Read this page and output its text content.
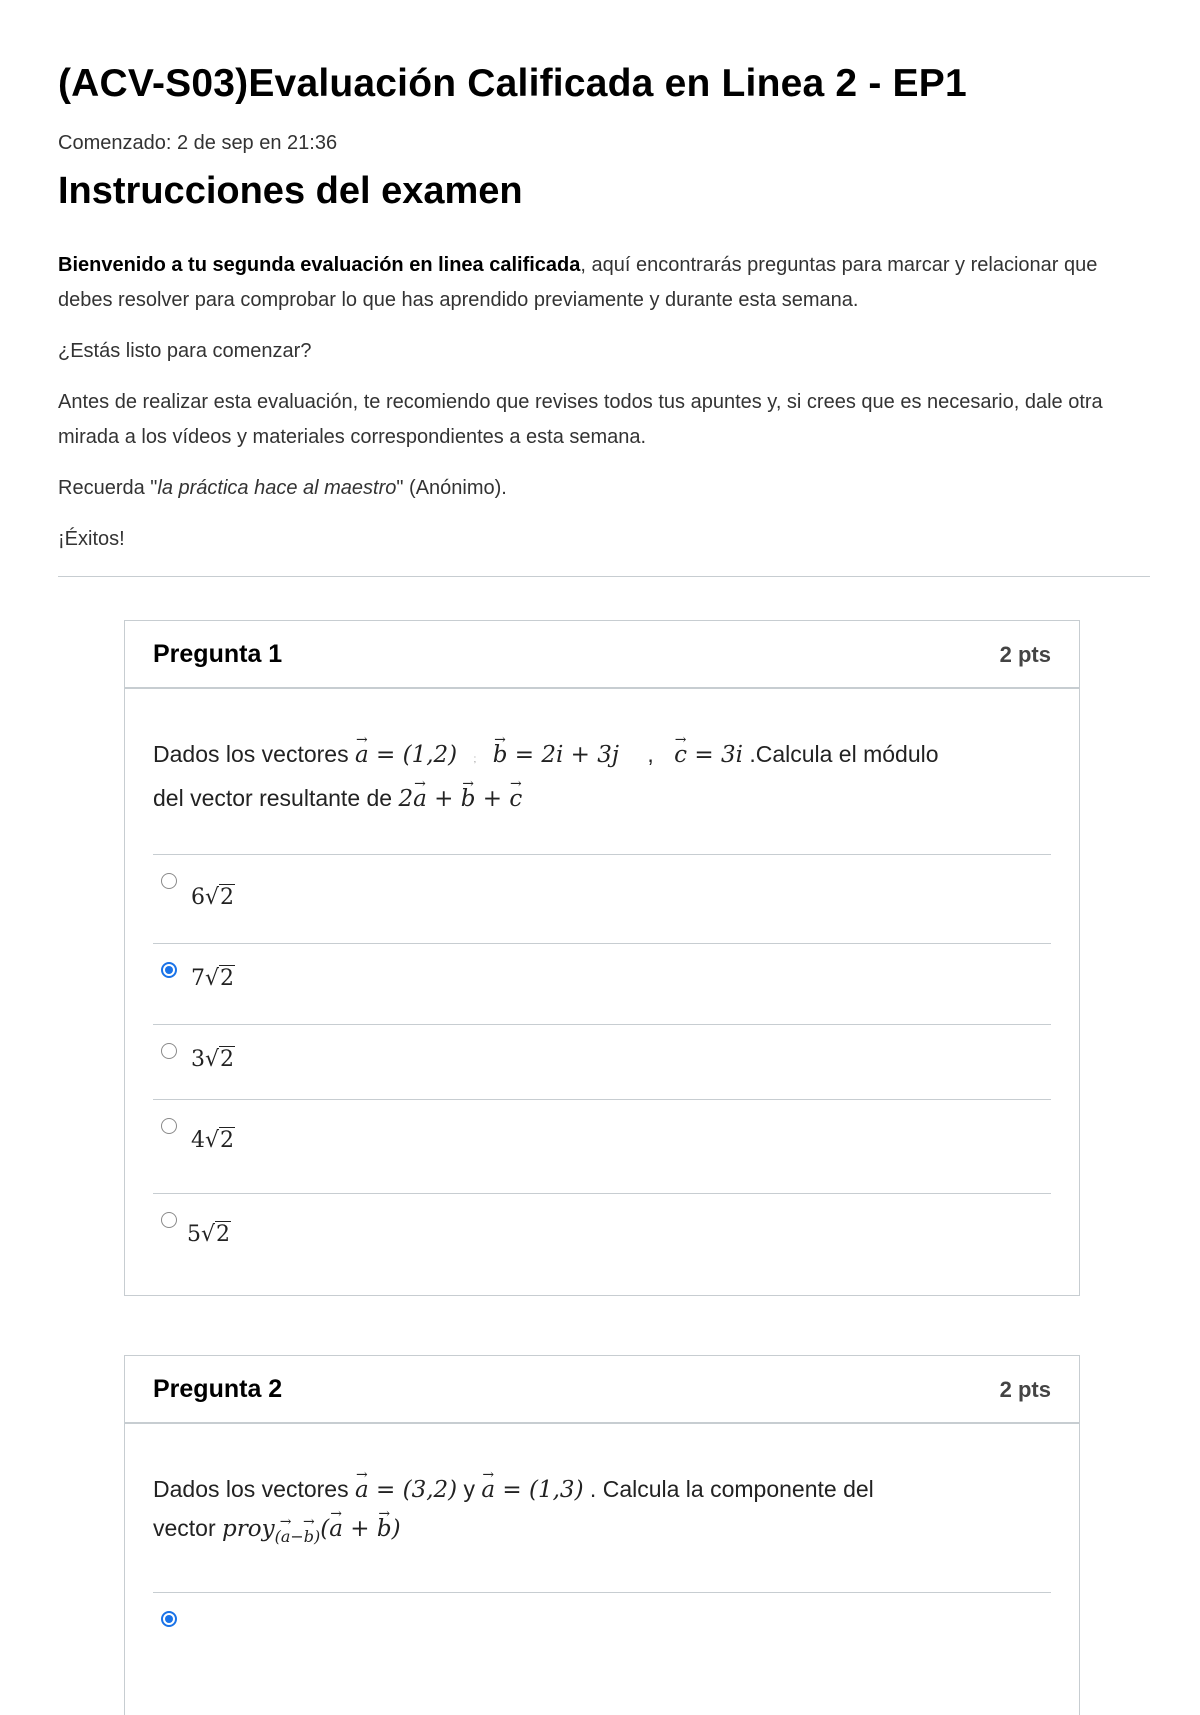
(ACV-S03)Evaluación Calificada en Linea 2 - EP1
Comenzado: 2 de sep en 21:36
Instrucciones del examen

Bienvenido a tu segunda evaluación en linea calificada, aquí encontrarás preguntas para marcar y relacionar que debes resolver para comprobar lo que has aprendido previamente y durante esta semana.

¿Estás listo para comenzar?

Antes de realizar esta evaluación, te recomiendo que revises todos tus apuntes y, si crees que es necesario, dale otra mirada a los vídeos y materiales correspondientes a esta semana.

Recuerda "la práctica hace al maestro" (Anónimo).

¡Éxitos!

Pregunta 1	2 pts
Dados los vectores a → = (1,2) ; b → = 2i + 3j , c → = 3i .Calcula el módulo
del vector resultante de 2a → + b → + c →
6√2
7√2
3√2
4√2
5√2
Pregunta 2	2 pts
Dados los vectores a → = (3,2) y a → = (1,3) . Calcula la componente del
vector proy$_{(a \to-b \to)}$(a → + b →)
